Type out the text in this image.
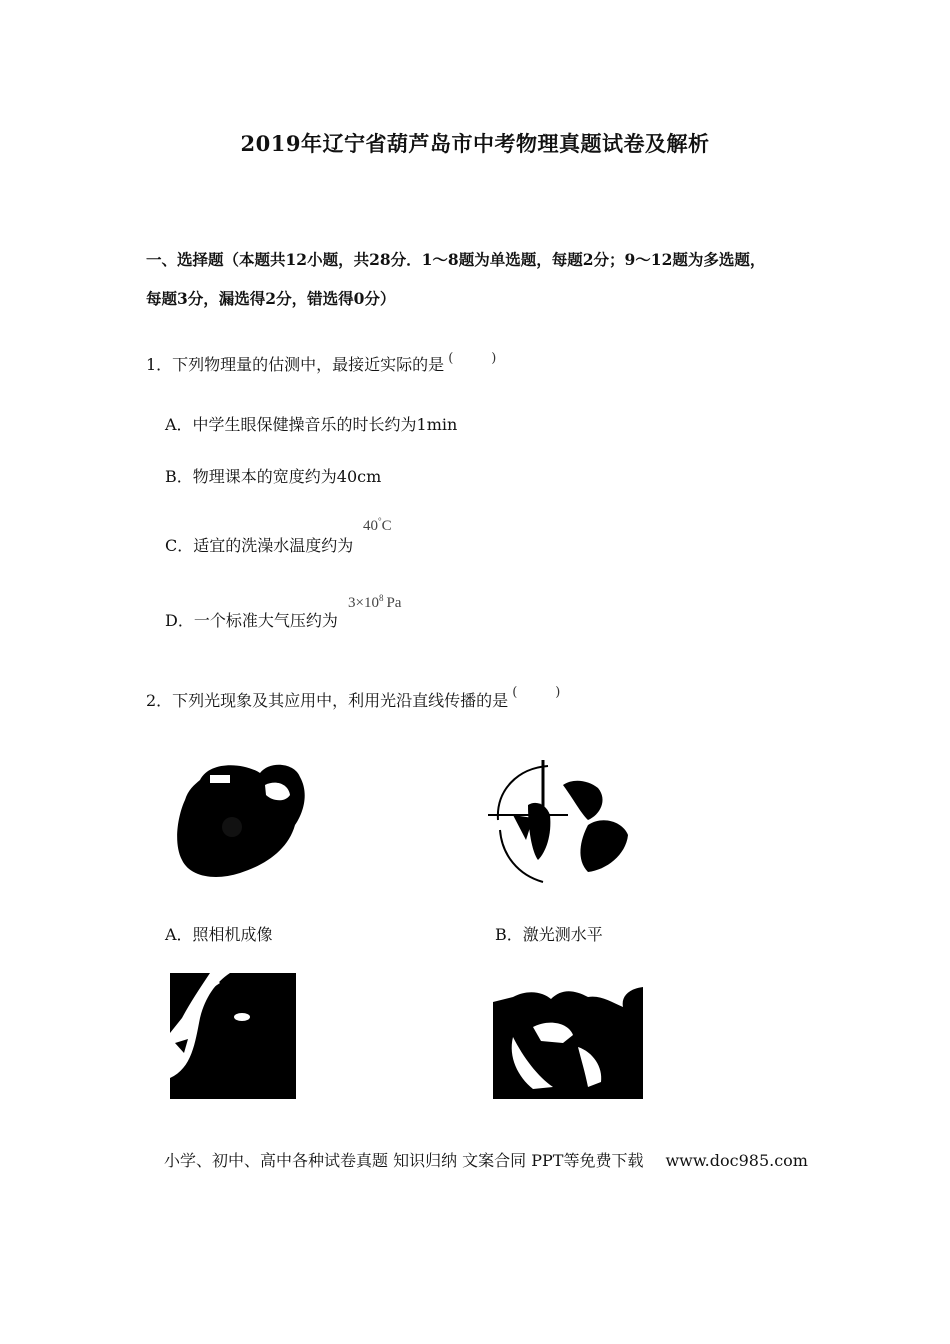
2019年辽宁省葫芦岛市中考物理真题试卷及解析
一、选择题（本题共12小题，共28分．1～8题为单选题，每题2分；9～12题为多选题，
每题3分，漏选得2分，错选得0分）
1．下列物理量的估测中，最接近实际的是 (	)
A．中学生眼保健操音乐的时长约为1min
B．物理课本的宽度约为40cm
C．适宜的洗澡水温度约为
40°C
D．一个标准大气压约为
$3\times 10^8$ Pa
2．下列光现象及其应用中，利用光沿直线传播的是 (	)
A．照相机成像	B．激光测水平
小学、初中、高中各种试卷真题 知识归纳 文案合同 PPT等免费下载 www.doc985.com
